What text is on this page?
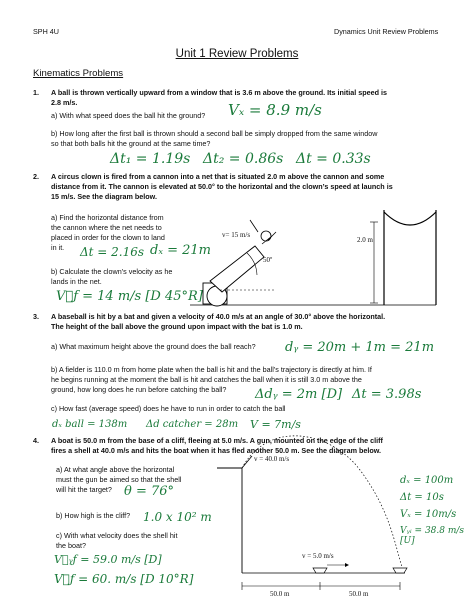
SPH 4U	Dynamics Unit Review Problems
Unit 1 Review Problems
Kinematics Problems
1. A ball is thrown vertically upward from a window that is 3.6 m above the ground. Its initial speed is
2.8 m/s.
a) With what speed does the ball hit the ground? Vₓ = 8.9 m/s
b) How long after the first ball is thrown should a second ball be simply dropped from the same window
so that both balls hit the ground at the same time?
Δt₁ = 1.19s Δt₂ = 0.86s Δt = 0.33s
2. A circus clown is fired from a cannon into a net that is situated 2.0 m above the cannon and some
distance from it. The cannon is elevated at 50.0° to the horizontal and the clown’s speed at launch is
15 m/s. See the diagram below.
a) Find the horizontal distance from
the cannon where the net needs to
placed in order for the clown to land
in it. Δt = 2.16s dₓ = 21m
b) Calculate the clown’s velocity as he
lands in the net.
V⃗ƒ = 14 m/s [D 45°R]
v= 15 m/s
50º
2.0 m
3. A baseball is hit by a bat and given a velocity of 40.0 m/s at an angle of 30.0° above the horizontal.
The height of the ball above the ground upon impact with the bat is 1.0 m.
a) What maximum height above the ground does the ball reach? dᵧ = 20m + 1m = 21m
b) A fielder is 110.0 m from home plate when the ball is hit and the ball’s trajectory is directly at him. If
he begins running at the moment the ball is hit and catches the ball when it is still 3.0 m above the
ground, how long does he run before catching the ball? Δdᵧ = 2m [D] Δt = 3.98s
c) How fast (average speed) does he have to run in order to catch the ball
dₓ ball = 138m Δd catcher = 28m V = 7m/s
4. A boat is 50.0 m from the base of a cliff, fleeing at 5.0 m/s. A gun, mounted on the edge of the cliff
fires a shell at 40.0 m/s and hits the boat when it has fled another 50.0 m. See the diagram below.
a) At what angle above the horizontal
must the gun be aimed so that the shell
will hit the target? θ = 76°
b) How high is the cliff? 1.0 x 10² m
c) With what velocity does the shell hit
the boat?
V⃗ᵧƒ = 59.0 m/s [D]
V⃗ƒ = 60. m/s [D 10°R]
dₓ = 100m
Δt = 10s
Vₓ = 10m/s
Vᵧᵢ = 38.8 m/s [U]
v = 40.0 m/s
v = 5.0 m/s
50.0 m	50.0 m
